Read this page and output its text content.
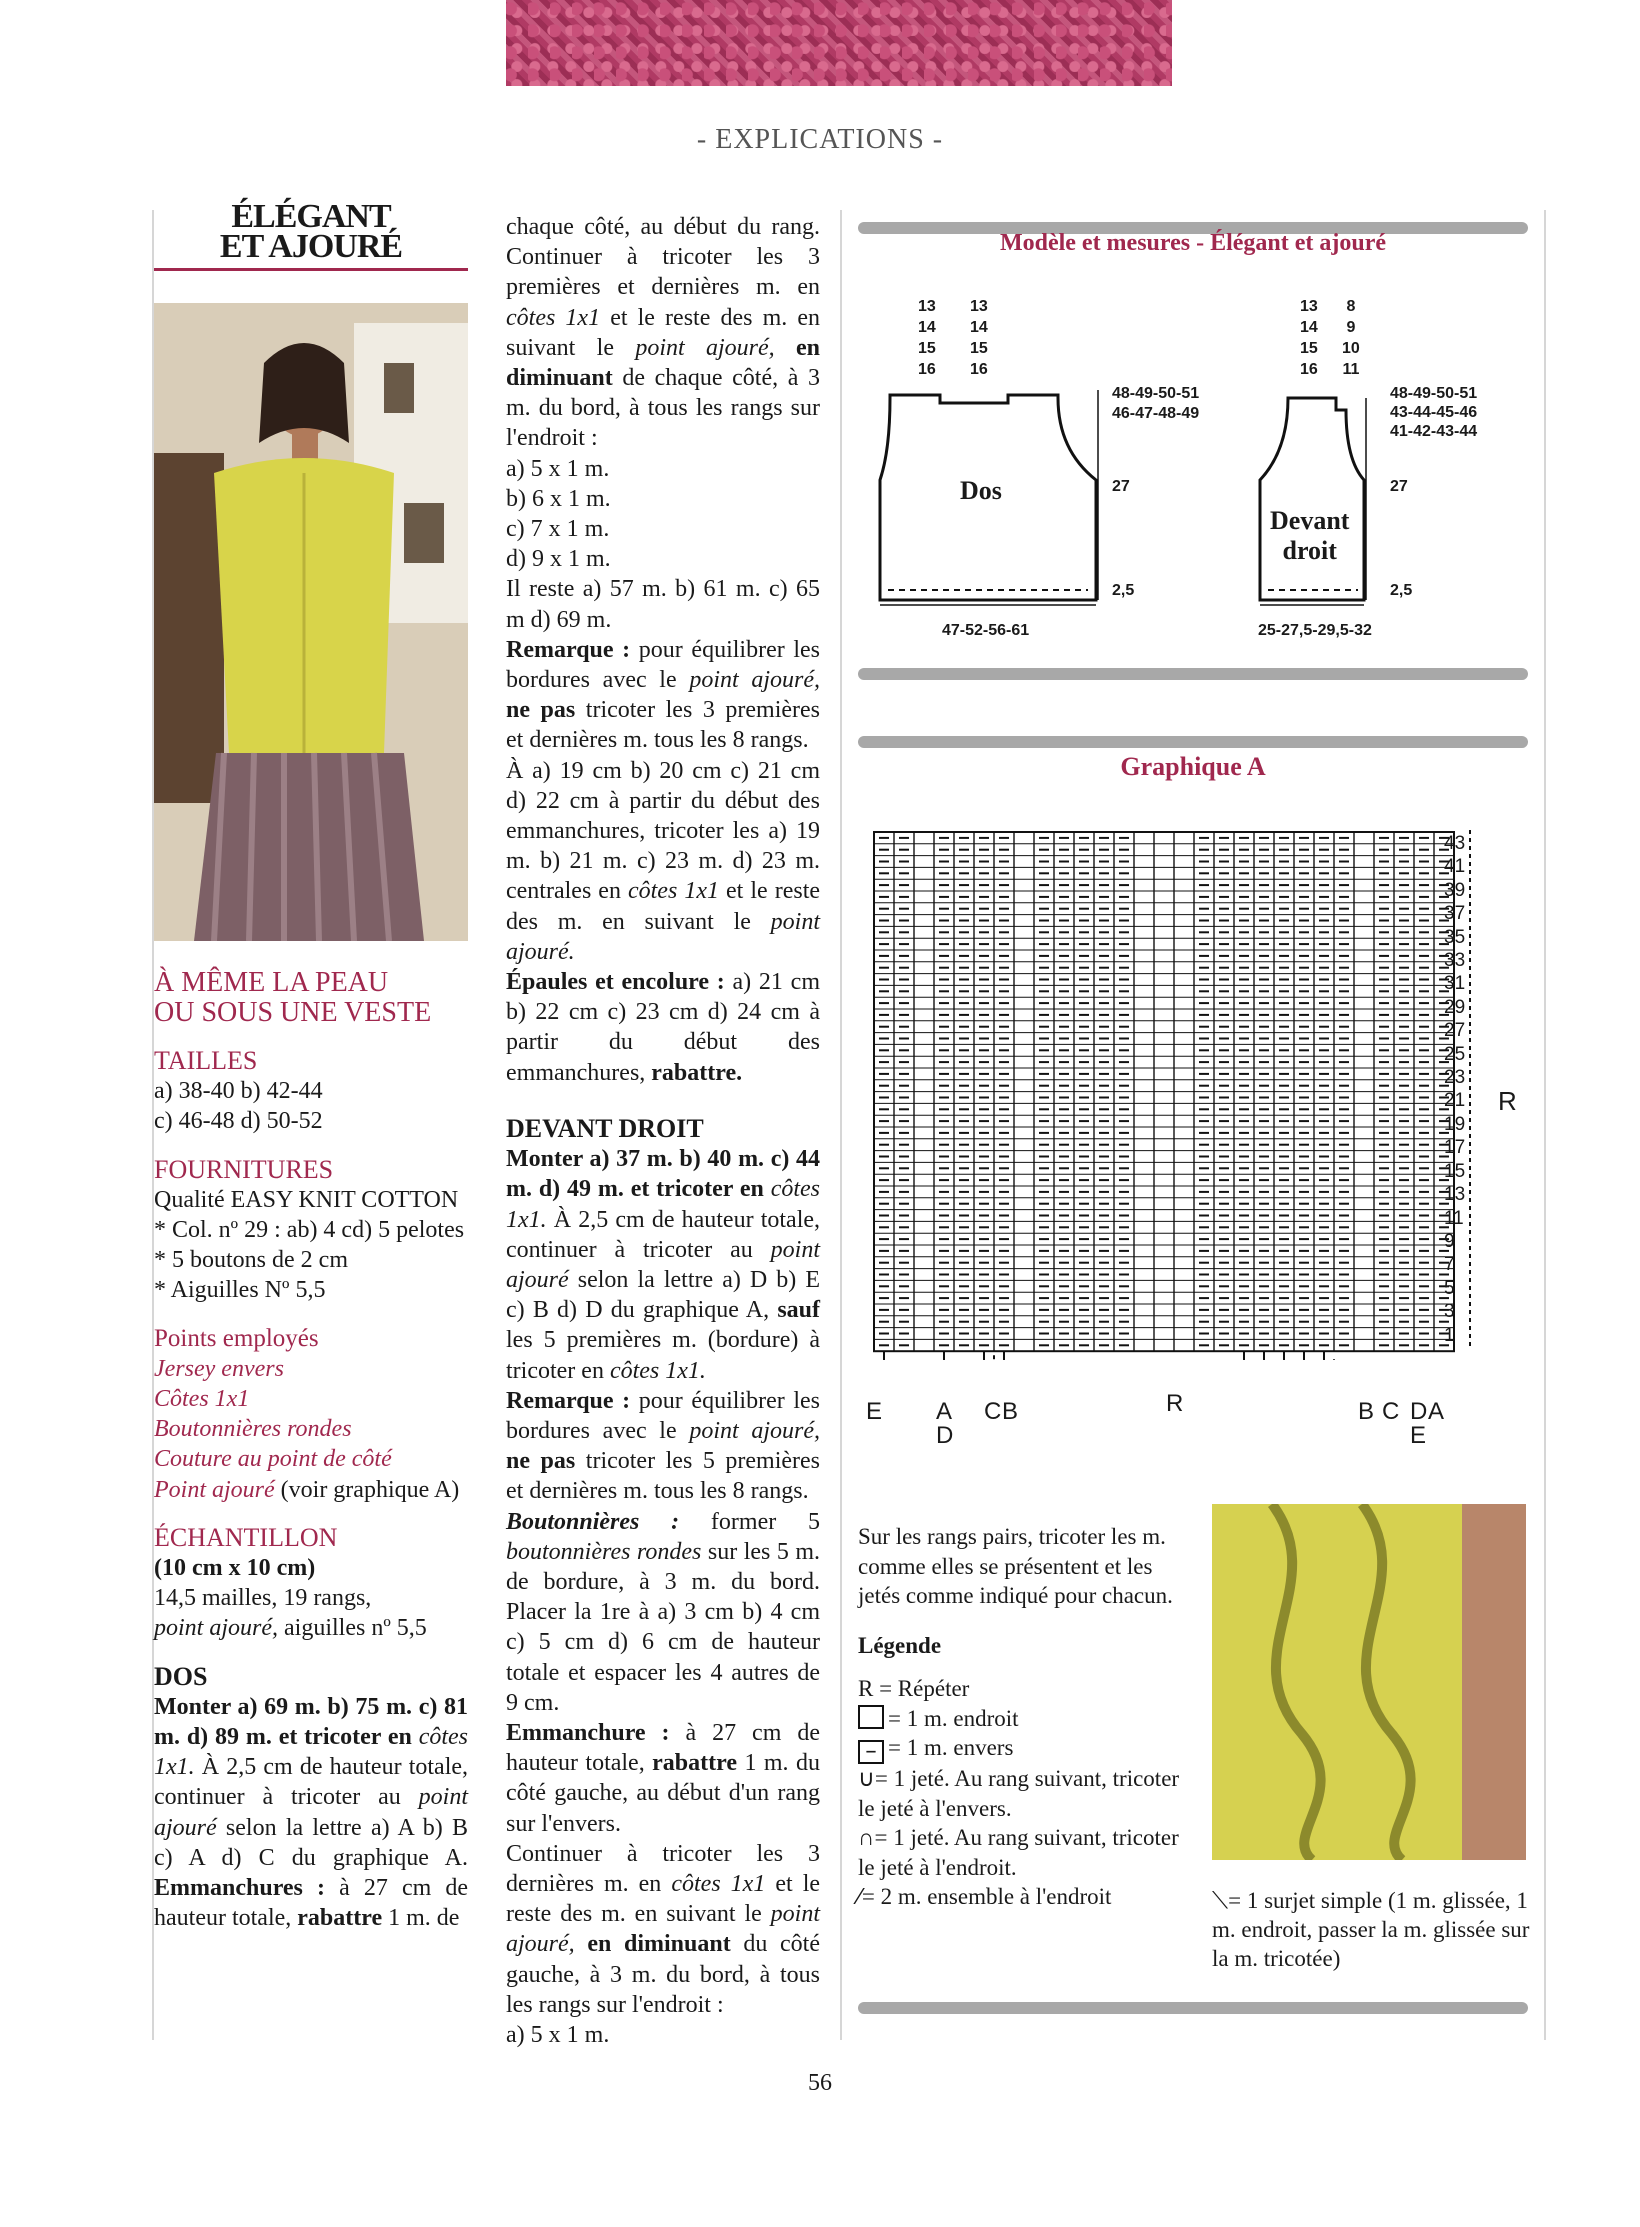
- EXPLICATIONS -
ÉLÉGANT
ET AJOURÉ
À MÊME LA PEAU
OU SOUS UNE VESTE
TAILLES

a) 38-40 b) 42-44

c) 46-48 d) 50-52

FOURNITURES

Qualité EASY KNIT COTTON

* Col. nº 29 : ab) 4 cd) 5 pelotes

* 5 boutons de 2 cm

* Aiguilles Nº 5,5

Points employés

Jersey envers

Côtes 1x1

Boutonnières rondes

Couture au point de côté

Point ajouré (voir graphique A)

ÉCHANTILLON

(10 cm x 10 cm)

14,5 mailles, 19 rangs,

point ajouré, aiguilles nº 5,5

DOS

Monter a) 69 m. b) 75 m. c) 81 m. d) 89 m. et tricoter en côtes 1x1. À 2,5 cm de hauteur totale, continuer à tricoter au point ajouré selon la lettre a) A b) B c) A d) C du graphique A. Emmanchures : à 27 cm de hauteur totale, rabattre 1 m. de

chaque côté, au début du rang. Continuer à tricoter les 3 premières et dernières m. en côtes 1x1 et le reste des m. en suivant le point ajouré, en diminuant de chaque côté, à 3 m. du bord, à tous les rangs sur l'endroit :

a) 5 x 1 m.

b) 6 x 1 m.

c) 7 x 1 m.

d) 9 x 1 m.

Il reste a) 57 m. b) 61 m. c) 65 m d) 69 m.

Remarque : pour équilibrer les bordures avec le point ajouré, ne pas tricoter les 3 premières et dernières m. tous les 8 rangs.

À a) 19 cm b) 20 cm c) 21 cm d) 22 cm à partir du début des emmanchures, tricoter les a) 19 m. b) 21 m. c) 23 m. d) 23 m. centrales en côtes 1x1 et le reste des m. en suivant le point ajouré.

Épaules et encolure : a) 21 cm b) 22 cm c) 23 cm d) 24 cm à partir du début des emmanchures, rabattre.

DEVANT DROIT

Monter a) 37 m. b) 40 m. c) 44 m. d) 49 m. et tricoter en côtes 1x1. À 2,5 cm de hauteur totale, continuer à tricoter au point ajouré selon la lettre a) D b) E c) B d) D du graphique A, sauf les 5 premières m. (bordure) à tricoter en côtes 1x1.

Remarque : pour équilibrer les bordures avec le point ajouré, ne pas tricoter les 5 premières et dernières m. tous les 8 rangs.

Boutonnières : former 5 boutonnières rondes sur les 5 m. de bordure, à 3 m. du bord. Placer la 1re à a) 3 cm b) 4 cm c) 5 cm d) 6 cm de hauteur totale et espacer les 4 autres de 9 cm.

Emmanchure : à 27 cm de hauteur totale, rabattre 1 m. du côté gauche, au début d'un rang sur l'envers.

Continuer à tricoter les 3 dernières m. en côtes 1x1 et le reste des m. en suivant le point ajouré, en diminuant du côté gauche, à 3 m. du bord, à tous les rangs sur l'endroit :

a) 5 x 1 m.

Modèle et mesures - Élégant et ajouré
13
14
15
16
13
14
15
16
48-49-50-51
46-47-48-49
Dos	27
2,5
47-52-56-61
13
14
15
16
8
9
10
11
48-49-50-51
43-44-45-46
41-42-43-44
Devant
droit
27
2,5
25-27,5-29,5-32
Graphique A
43
41
39
37
35
33
31
29
27
25
23
21
19
17
15
13
11
9
7
5
3
1
R
E A
D
C B	R	B C D A
E

Sur les rangs pairs, tricoter les m. comme elles se présentent et les jetés comme indiqué pour chacun.

Légende

R = Répéter

= 1 m. endroit

– = 1 m. envers

∪= 1 jeté. Au rang suivant, tricoter le jeté à l'envers.

∩= 1 jeté. Au rang suivant, tricoter le jeté à l'endroit.

⁄= 2 m. ensemble à l'endroit	⟍= 1 surjet simple (1 m. glissée, 1 m. endroit, passer la m. glissée sur la m. tricotée)

56
